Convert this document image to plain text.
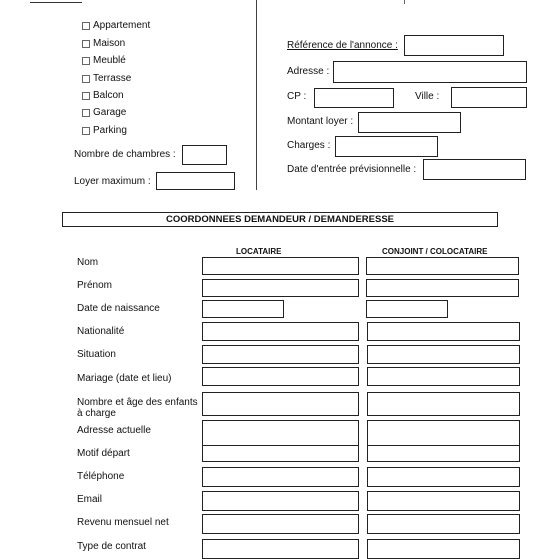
Appartement
Maison
Meublé
Terrasse
Balcon
Garage
Parking
Nombre de chambres :
Loyer maximum :
Référence de l'annonce :
Adresse :
CP :	Ville :
Montant loyer :
Charges :
Date d'entrée prévisionnelle :
COORDONNEES DEMANDEUR / DEMANDERESSE
LOCATAIRE	CONJOINT / COLOCATAIRE
Nom
Prénom
Date de naissance
Nationalité
Situation
Mariage (date et lieu)
Nombre et âge des enfants à charge
Adresse actuelle
Motif départ
Téléphone
Email
Revenu mensuel net
Type de contrat
